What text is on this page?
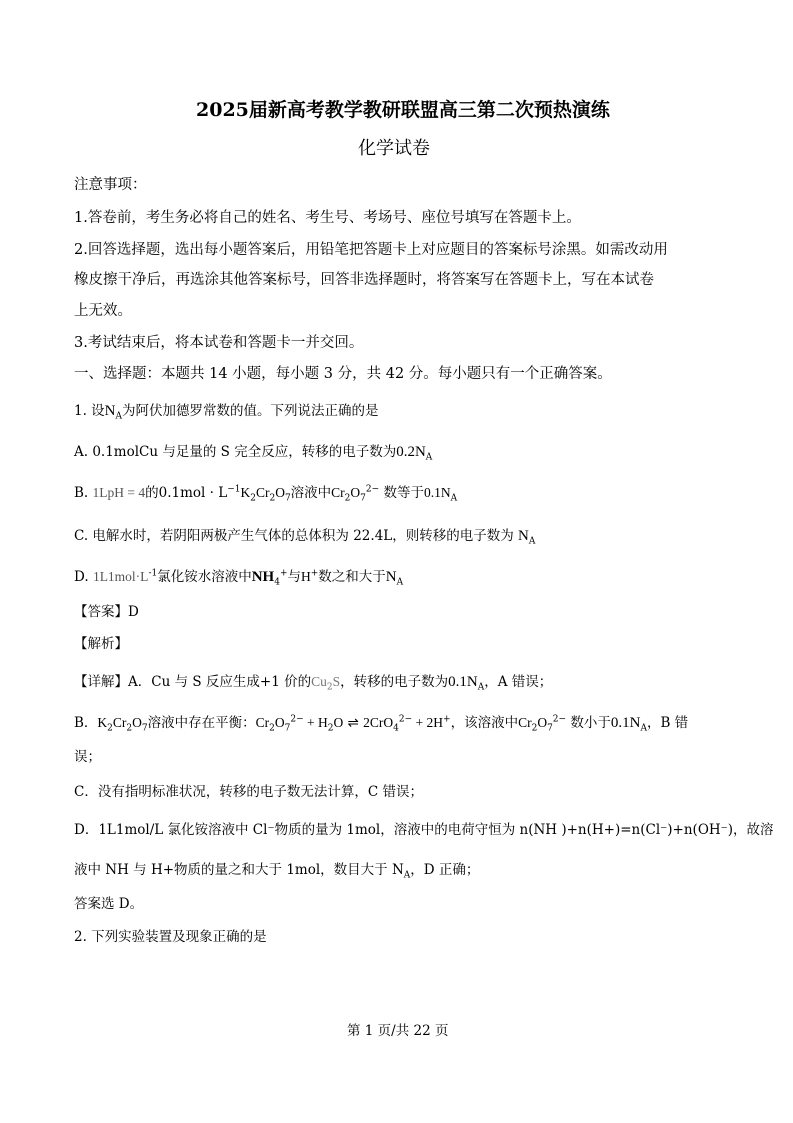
2025届新高考教学教研联盟高三第二次预热演练
化学试卷
注意事项：
1.答卷前，考生务必将自己的姓名、考生号、考场号、座位号填写在答题卡上。
2.回答选择题，选出每小题答案后，用铅笔把答题卡上对应题目的答案标号涂黑。如需改动用
橡皮擦干净后，再选涂其他答案标号，回答非选择题时，将答案写在答题卡上，写在本试卷
上无效。
3.考试结束后，将本试卷和答题卡一并交回。
一、选择题：本题共 14 小题，每小题 3 分，共 42 分。每小题只有一个正确答案。
1. 设$N_A$为阿伏加德罗常数的值。下列说法正确的是
A. 0.1molCu 与足量的 S 完全反应，转移的电子数为$0.2N_A$
B. 1LpH = 4的$0.1mol \cdot L^{-1}K_2Cr_2O_7$溶液中$Cr_2O_7^{2-}$ 数等于$0.1N_A$
C. 电解水时，若阴阳两极产生气体的总体积为 22.4L，则转移的电子数为 $N_A$
D. $1L1mol\cdot L^{-1}$氯化铵水溶液中$NH_4^+$与H+数之和大于$N_A$
【答案】D
【解析】
【详解】A．Cu 与 S 反应生成+1 价的$Cu_2S$，转移的电子数为$0.1N_A$，A 错误；
B．$K_2Cr_2O_7$溶液中存在平衡：$Cr_2O_7^{2-} + H_2O$ ⇌ 2CrO$_4^{2-}$ + 2H+，该溶液中$Cr_2O_7^{2-}$ 数小于$0.1N_A$，B 错
误；
C．没有指明标准状况，转移的电子数无法计算，C 错误；
D．1L1mol/L 氯化铵溶液中 Cl⁻物质的量为 1mol，溶液中的电荷守恒为 n(NH )+n(H+)=n(Cl⁻)+n(OH⁻)，故溶
液中 NH 与 H+物质的量之和大于 1mol，数目大于 $N_A$，D 正确；
答案选 D。
2. 下列实验装置及现象正确的是
第 1 页/共 22 页
